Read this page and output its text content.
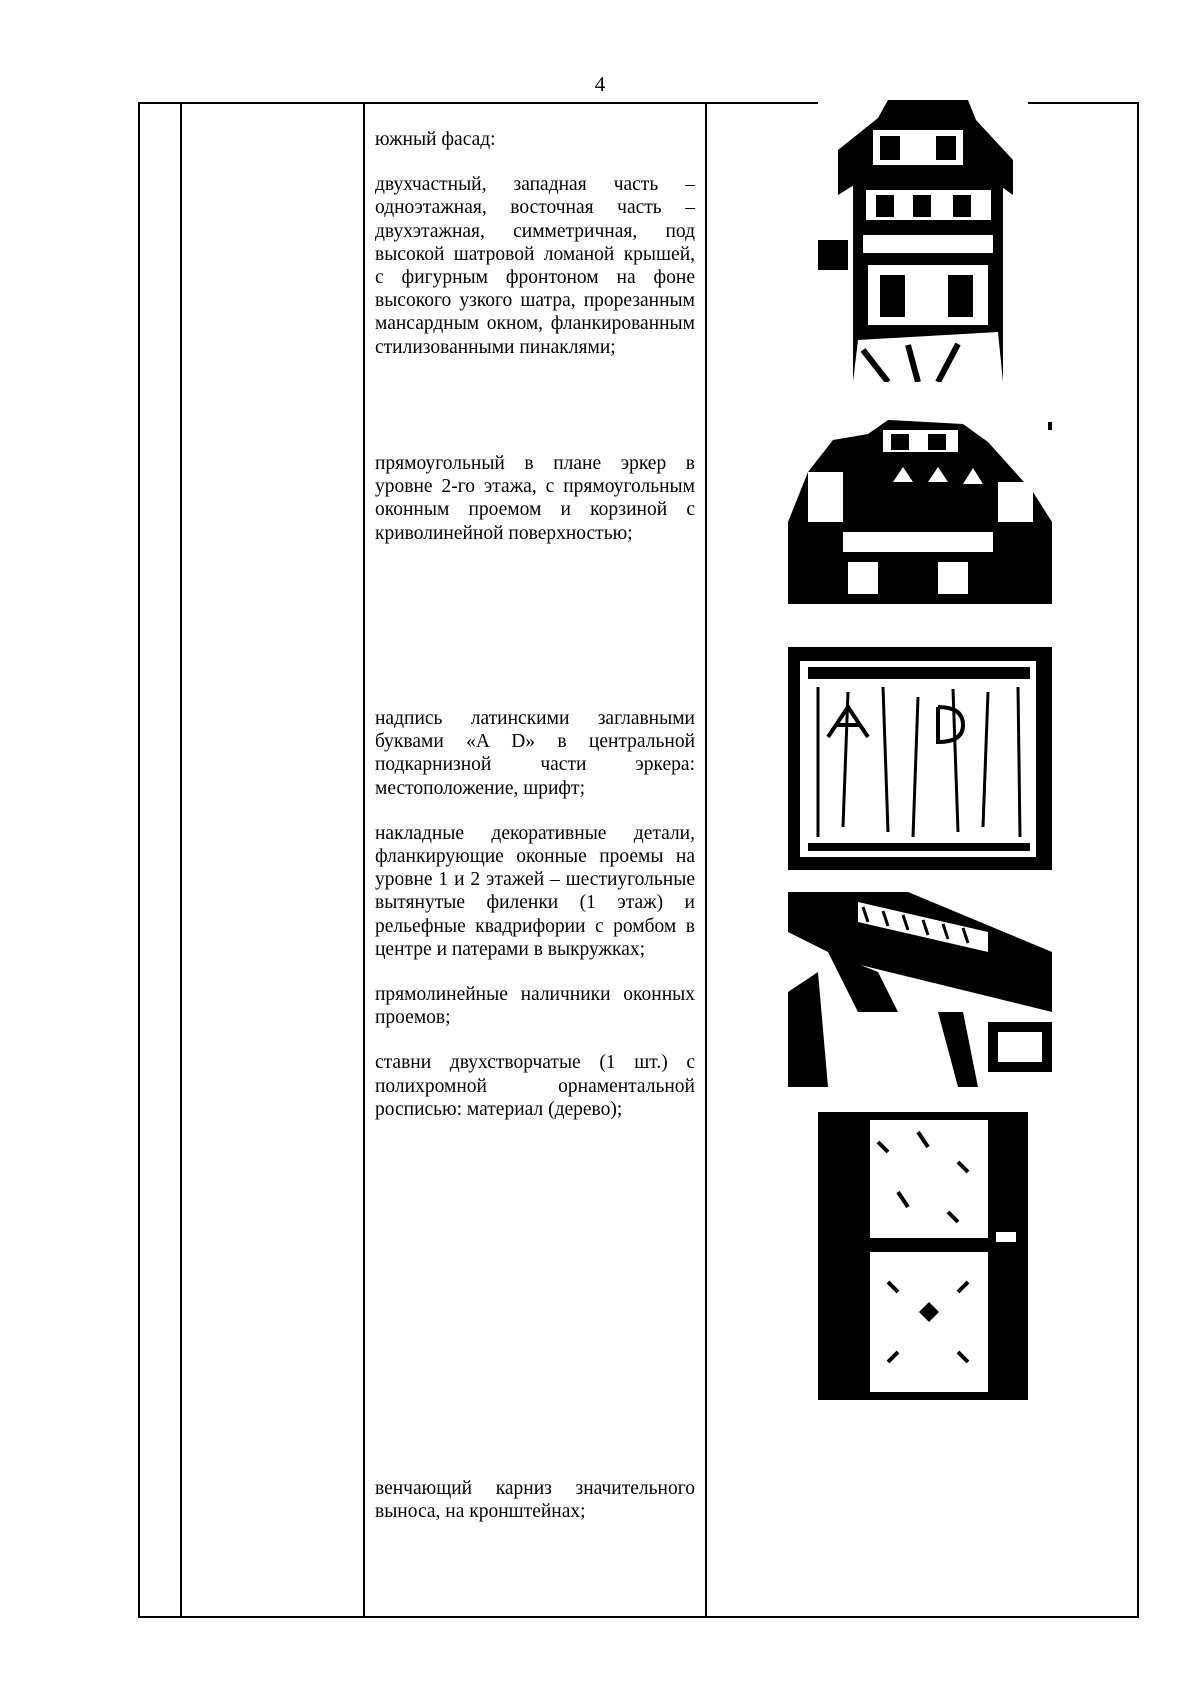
4

южный фасад:

двухчастный, западная часть – одноэтажная, восточная часть – двухэтажная, симметричная, под высокой шатровой ломаной крышей, с фигурным фронтоном на фоне высокого узкого шатра, прорезанным мансардным окном, фланкированным стилизованными пинаклями;

прямоугольный в плане эркер в уровне 2-го этажа, с прямоугольным оконным проемом и корзиной с криволинейной поверхностью;

надпись латинскими заглавными буквами «A D» в центральной подкарнизной части эркера: местоположение, шрифт;

накладные декоративные детали, фланкирующие оконные проемы на уровне 1 и 2 этажей – шестиугольные вытянутые филенки (1 этаж) и рельефные квадрифории с ромбом в центре и патерами в выкружках;

прямолинейные наличники оконных проемов;

ставни двухстворчатые (1 шт.) с полихромной орнаментальной росписью: материал (дерево);

венчающий карниз значительного выноса, на кронштейнах;
